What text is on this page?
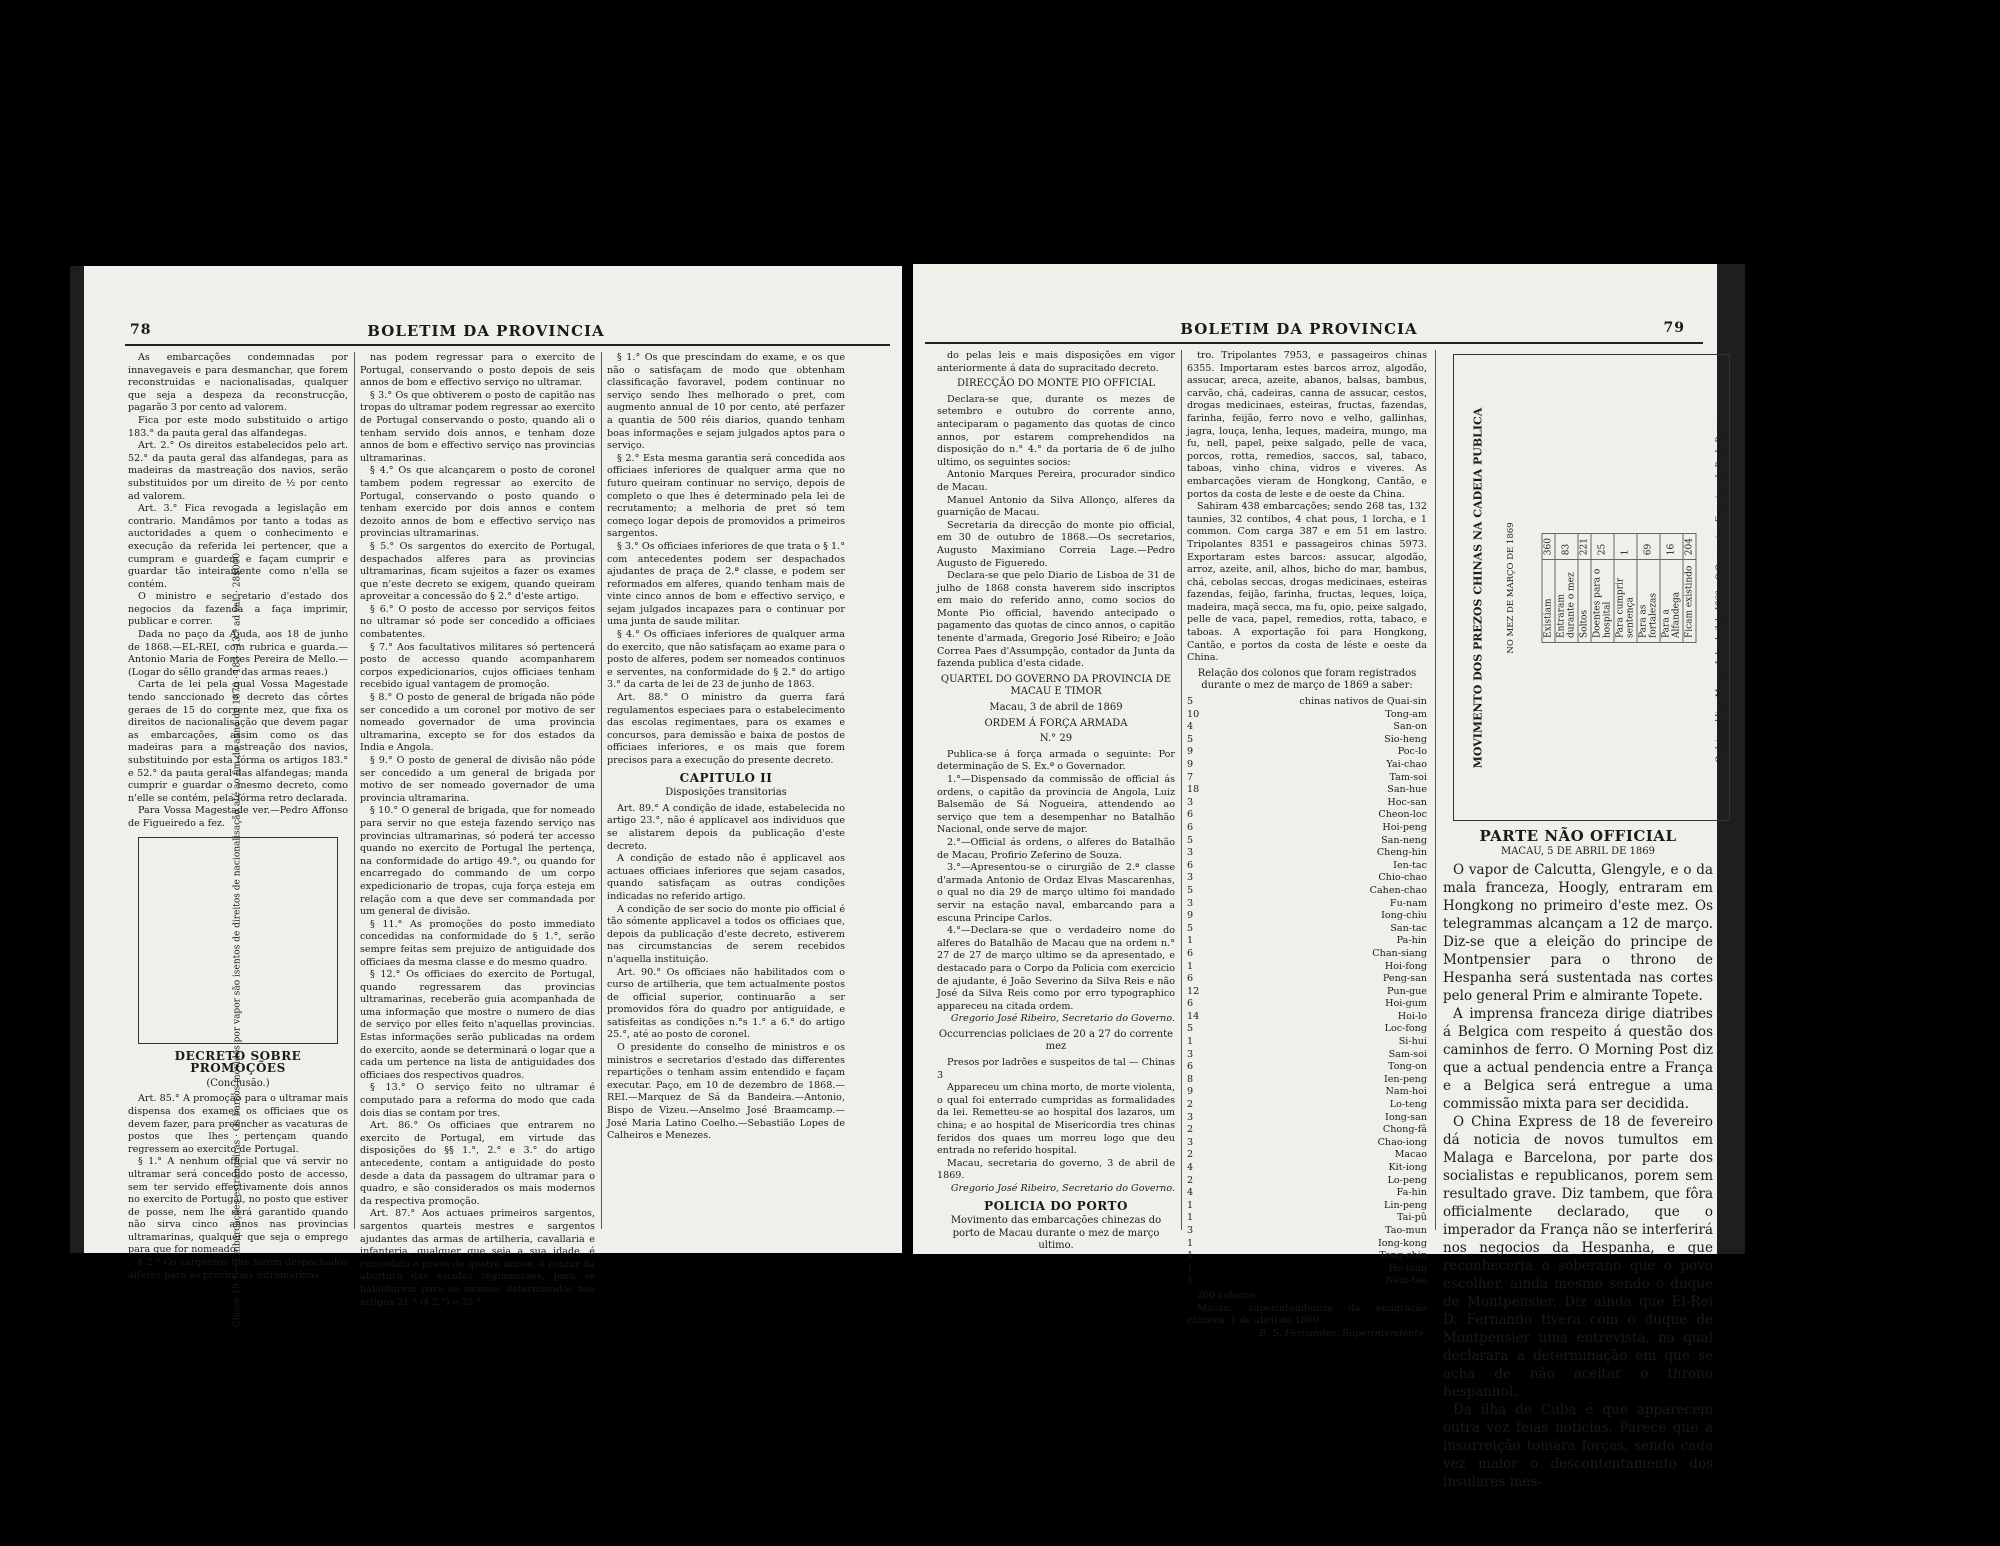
78	BOLETIM DA PROVINCIA

As embarcações condemnadas por innavegaveis e para desmanchar, que forem reconstruidas e nacionalisadas, qualquer que seja a despeza da reconstrucção, pagarão 3 por cento ad valorem.

Fica por este modo substituido o artigo 183.° da pauta geral das alfandegas.

Art. 2.° Os direitos estabelecidos pelo art. 52.° da pauta geral das alfandegas, para as madeiras da mastreação dos navios, serão substituidos por um direito de ½ por cento ad valorem.

Art. 3.° Fica revogada a legislação em contrario. Mandâmos por tanto a todas as auctoridades a quem o conhecimento e execução da referida lei pertencer, que a cumpram e guardem e façam cumprir e guardar tão inteiramente como n'ella se contém.

O ministro e secretario d'estado dos negocios da fazenda a faça imprimir, publicar e correr.

Dada no paço da Ajuda, aos 18 de junho de 1868.—EL-REI, com rubrica e guarda.—Antonio Maria de Fontes Pereira de Mello.—(Logar do sêllo grande das armas reaes.)

Carta de lei pela qual Vossa Magestade tendo sanccionado o decreto das côrtes geraes de 15 do corrente mez, que fixa os direitos de nacionalisação que devem pagar as embarcações, assim como os das madeiras para a mastreação dos navios, substituindo por esta fórma os artigos 183.° e 52.° da pauta geral das alfandegas; manda cumprir e guardar o mesmo decreto, como n'elle se contém, pela fórma retro declarada.

Para Vossa Magestade ver.—Pedro Affonso de Figueiredo a fez. Classe 19.ª — Embarcações estrangeiras · Os barcos movidos por vapor são isentos de direitos de nacionalisação até ao fim do anno de 1870 · 183 · 13.ª ad val. · 28$000
DECRETO SOBRE PROMOÇÕES
(Conclusão.)

Art. 85.° A promoção para o ultramar mais dispensa dos exames os officiaes que os devem fazer, para preencher as vacaturas de postos que lhes pertençam quando regressem ao exercito de Portugal.

§ 1.° A nenhum official que vá servir no ultramar será concedido posto de accesso, sem ter servido effectivamente dois annos no exercito de Portugal, no posto que estiver de posse, nem lhe será garantido quando não sirva cinco annos nas provincias ultramarinas, qualquer que seja o emprego para que for nomeado.

§ 2.° Os sargentos que forem despachados alferes para as provincias ultramarinas

nas podem regressar para o exercito de Portugal, conservando o posto depois de seis annos de bom e effectivo serviço no ultramar.

§ 3.° Os que obtiverem o posto de capitão nas tropas do ultramar podem regressar ao exercito de Portugal conservando o posto, quando ali o tenham servido dois annos, e tenham doze annos de bom e effectivo serviço nas provincias ultramarinas.

§ 4.° Os que alcançarem o posto de coronel tambem podem regressar ao exercito de Portugal, conservando o posto quando o tenham exercido por dois annos e contem dezoito annos de bom e effectivo serviço nas provincias ultramarinas.

§ 5.° Os sargentos do exercito de Portugal, despachados alferes para as provincias ultramarinas, ficam sujeitos a fazer os exames que n'este decreto se exigem, quando queiram aproveitar a concessão do § 2.° d'este artigo.

§ 6.° O posto de accesso por serviços feitos no ultramar só pode ser concedido a officiaes combatentes.

§ 7.° Aos facultativos militares só pertencerá posto de accesso quando acompanharem corpos expedicionarios, cujos officiaes tenham recebido igual vantagem de promoção.

§ 8.° O posto de general de brigada não póde ser concedido a um coronel por motivo de ser nomeado governador de uma provincia ultramarina, excepto se for dos estados da India e Angola.

§ 9.° O posto de general de divisão não póde ser concedido a um general de brigada por motivo de ser nomeado governador de uma provincia ultramarina.

§ 10.° O general de brigada, que for nomeado para servir no que esteja fazendo serviço nas provincias ultramarinas, só poderá ter accesso quando no exercito de Portugal lhe pertença, na conformidade do artigo 49.°, ou quando for encarregado do commando de um corpo expedicionario de tropas, cuja força esteja em relação com a que deve ser commandada por um general de divisão.

§ 11.° As promoções do posto immediato concedidas na conformidade do § 1.°, serão sempre feitas sem prejuizo de antiguidade dos officiaes da mesma classe e do mesmo quadro.

§ 12.° Os officiaes do exercito de Portugal, quando regressarem das provincias ultramarinas, receberão guia acompanhada de uma informação que mostre o numero de dias de serviço por elles feito n'aquellas provincias. Estas informações serão publicadas na ordem do exercito, aonde se determinará o logar que a cada um pertence na lista de antiguidades dos officiaes dos respectivos quadros.

§ 13.° O serviço feito no ultramar é computado para a reforma do modo que cada dois dias se contam por tres.

Art. 86.° Os officiaes que entrarem no exercito de Portugal, em virtude das disposições do §§ 1.°, 2.° e 3.° do artigo antecedente, contam a antiguidade do posto desde a data da passagem do ultramar para o quadro, e são considerados os mais modernos da respectiva promoção.

Art. 87.° Aos actuaes primeiros sargentos, sargentos quarteis mestres e sargentos ajudantes das armas de artilheria, cavallaria e infanteria, qualquer que seja a sua idade, é concedido o praso de quatro annos, a contar da abertura das escolas regimentaes, para se habilitarem para os exames determinados nos artigos 21.° (§ 2.°) e 35.°

§ 1.° Os que prescindam do exame, e os que não o satisfaçam de modo que obtenham classificação favoravel, podem continuar no serviço sendo lhes melhorado o pret, com augmento annual de 10 por cento, até perfazer a quantia de 500 réis diarios, quando tenham boas informações e sejam julgados aptos para o serviço.

§ 2.° Esta mesma garantia será concedida aos officiaes inferiores de qualquer arma que no futuro queiram continuar no serviço, depois de completo o que lhes é determinado pela lei de recrutamento; a melhoria de pret só tem começo logar depois de promovidos a primeiros sargentos.

§ 3.° Os officiaes inferiores de que trata o § 1.° com antecedentes podem ser despachados ajudantes de praça de 2.ª classe, e podem ser reformados em alferes, quando tenham mais de vinte cinco annos de bom e effectivo serviço, e sejam julgados incapazes para o continuar por uma junta de saude militar.

§ 4.° Os officiaes inferiores de qualquer arma do exercito, que não satisfaçam ao exame para o posto de alferes, podem ser nomeados continuos e serventes, na conformidade do § 2.° do artigo 3.° da carta de lei de 23 de junho de 1863.

Art. 88.° O ministro da guerra fará regulamentos especiaes para o estabelecimento das escolas regimentaes, para os exames e concursos, para demissão e baixa de postos de officiaes inferiores, e os mais que forem precisos para a execução do presente decreto.

CAPITULO II
Disposições transitorias

Art. 89.° A condição de idade, estabelecida no artigo 23.°, não é applicavel aos individuos que se alistarem depois da publicação d'este decreto.

A condição de estado não é applicavel aos actuaes officiaes inferiores que sejam casados, quando satisfaçam as outras condições indicadas no referido artigo.

A condição de ser socio do monte pio official é tão sómente applicavel a todos os officiaes que, depois da publicação d'este decreto, estiverem nas circumstancias de serem recebidos n'aquella instituição.

Art. 90.° Os officiaes não habilitados com o curso de artilheria, que tem actualmente postos de official superior, continuarão a ser promovidos fóra do quadro por antiguidade, e satisfeitas as condições n.°s 1.° a 6.° do artigo 25.°, até ao posto de coronel.

O presidente do conselho de ministros e os ministros e secretarios d'estado das differentes repartições o tenham assim entendido e façam executar. Paço, em 10 de dezembro de 1868.—REI.—Marquez de Sá da Bandeira.—Antonio, Bispo de Vizeu.—Anselmo José Braamcamp.—José Maria Latino Coelho.—Sebastião Lopes de Calheiros e Menezes.

BOLETIM DA PROVINCIA	79

do pelas leis e mais disposições em vigor anteriormente á data do supracitado decreto.

DIRECÇÃO DO MONTE PIO OFFICIAL

Declara-se que, durante os mezes de setembro e outubro do corrente anno, anteciparam o pagamento das quotas de cinco annos, por estarem comprehendidos na disposição do n.° 4.° da portaria de 6 de julho ultimo, os seguintes socios:

Antonio Marques Pereira, procurador sindico de Macau.

Manuel Antonio da Silva Allonço, alferes da guarnição de Macau.

Secretaria da direcção do monte pio official, em 30 de outubro de 1868.—Os secretarios, Augusto Maximiano Correia Lage.—Pedro Augusto de Figueredo.

Declara-se que pelo Diario de Lisboa de 31 de julho de 1868 consta haverem sido inscriptos em maio do referido anno, como socios do Monte Pio official, havendo antecipado o pagamento das quotas de cinco annos, o capitão tenente d'armada, Gregorio José Ribeiro; e João Correa Paes d'Assumpção, contador da Junta da fazenda publica d'esta cidade.

QUARTEL DO GOVERNO DA PROVINCIA DE MACAU E TIMOR
Macau, 3 de abril de 1869
ORDEM Á FORÇA ARMADA
N.° 29

Publica-se á força armada o seguinte: Por determinação de S. Ex.ª o Governador.

1.°—Dispensado da commissão de official ás ordens, o capitão da provincia de Angola, Luiz Balsemão de Sá Nogueira, attendendo ao serviço que tem a desempenhar no Batalhão Nacional, onde serve de major.

2.°—Official ás ordens, o alferes do Batalhão de Macau, Profirio Zeferino de Souza.

3.°—Apresentou-se o cirurgião de 2.ª classe d'armada Antonio de Ordaz Elvas Mascarenhas, o qual no dia 29 de março ultimo foi mandado servir na estação naval, embarcando para a escuna Principe Carlos.

4.°—Declara-se que o verdadeiro nome do alferes do Batalhão de Macau que na ordem n.° 27 de 27 de março ultimo se da apresentado, e destacado para o Corpo da Policia com exercicio de ajudante, é João Severino da Silva Reis e não José da Silva Reis como por erro typographico appareceu na citada ordem.

Gregorio José Ribeiro, Secretario do Governo.

Occurrencias policiaes de 20 a 27 do corrente mez

Presos por ladrões e suspeitos de tal — Chinas 3

Appareceu um china morto, de morte violenta, o qual foi enterrado cumpridas as formalidades da lei. Remetteu-se ao hospital dos lazaros, um china; e ao hospital de Misericordia tres chinas feridos dos quaes um morreu logo que deu entrada no referido hospital.

Macau, secretaria do governo, 3 de abril de 1869.

Gregorio José Ribeiro, Secretario do Governo.

POLICIA DO PORTO
Movimento das embarcações chinezas do porto de Macau durante o mez de março ultimo.

tro. Tripolantes 7953, e passageiros chinas 6355. Importaram estes barcos arroz, algodão, assucar, areca, azeite, abanos, balsas, bambus, carvão, chá, cadeiras, canna de assucar, cestos, drogas medicinaes, esteiras, fructas, fazendas, farinha, feijão, ferro novo e velho, gallinhas, jagra, louça, lenha, leques, madeira, mungo, ma fu, nell, papel, peixe salgado, pelle de vaca, porcos, rotta, remedios, saccos, sal, tabaco, taboas, vinho china, vidros e viveres. As embarcações vieram de Hongkong, Cantão, e portos da costa de leste e de oeste da China.

Sahiram 438 embarcações; sendo 268 tas, 132 taunies, 32 contibos, 4 chat pous, 1 lorcha, e 1 common. Com carga 387 e em 51 em lastro. Tripolantes 8351 e passageiros chinas 5973. Exportaram estes barcos: assucar, algodão, arroz, azeite, anil, alhos, bicho do mar, bambus, chá, cebolas seccas, drogas medicinaes, esteiras fazendas, feijão, farinha, fructas, leques, loiça, madeira, maçã secca, ma fu, opio, peixe salgado, pelle de vaca, papel, remedios, rotta, tabaco, e taboas. A exportação foi para Hongkong, Cantão, e portos da costa de léste e oeste da China.

Relação dos colonos que foram registrados durante o mez de março de 1869 a saber:
5	chinas nativos de Quai-sin
10	Tong-am
4	San-on
5	Sio-heng
9	Poc-lo
9	Yai-chao
7	Tam-soi
18	San-hue
3	Hoc-san
6	Cheon-loc
6	Hoi-peng
5	San-neng
3	Cheng-hin
6	Ien-tac
3	Chio-chao
5	Cahen-chao
3	Fu-nam
9	Iong-chiu
5	San-tac
1	Pa-hin
6	Chan-siang
1	Hoi-fong
6	Peng-san
12	Pun-gue
6	Hoi-gum
14	Hoi-lo
5	Loc-fong
1	Si-hui
3	Sam-soi
6	Tong-on
8	Ien-peng
9	Nam-hoi
2	Lo-teng
3	Iong-san
2	Chong-fâ
3	Chao-iong
2	Macao
4	Kit-iong
2	Lo-peng
4	Fa-hin
1	Lin-peng
1	Tai-pû
3	Tao-mun
1	Iong-kong
1	Tong-chin
1	Ho-iong
1	Nam-tao

200 colonos

Macau, superintendencia da emigração chineza, 1 de abril de 1869.

B. S. Fernandes, Superintendente.

MOVIMENTO DOS PREZOS CHINAS NA CADEIA PUBLICA	NO MEZ DE MARÇO DE 1869	Existiam	360
Entraram durante o mez	83
Soltos	221
Doentes para o hospital	25
Para cumprir sentença	1
Para as fortalezas	69
Para a Alfandega	16
Ficam existindo	204	Cadeia publica, Macau, 1 de abril de 1869.—O Carcereiro, Francisco de Paula Barros.
PARTE NÃO OFFICIAL
MACAU, 5 DE ABRIL DE 1869

O vapor de Calcutta, Glengyle, e o da mala franceza, Hoogly, entraram em Hongkong no primeiro d'este mez. Os telegrammas alcançam a 12 de março. Diz-se que a eleição do principe de Montpensier para o throno de Hespanha será sustentada nas cortes pelo general Prim e almirante Topete.

A imprensa franceza dirige diatribes á Belgica com respeito á questão dos caminhos de ferro. O Morning Post diz que a actual pendencia entre a França e a Belgica será entregue a uma commissão mixta para ser decidida.

O China Express de 18 de fevereiro dá noticia de novos tumultos em Malaga e Barcelona, por parte dos socialistas e republicanos, porem sem resultado grave. Diz tambem, que fôra officialmente declarado, que o imperador da França não se interferirá nos negocios da Hespanha, e que reconheceria o soberano que o povo escolher, ainda mesmo sendo o duque de Montpensier. Diz ainda que El-Rei D. Fernando tivera com o duque de Montpensier uma entrevista, na qual declarára a determinação em que se acha de não aceitar o throno hespanhol.

Da ilha de Cuba é que apparecem outra vez feias noticias. Parece que a insurreição tomára forças, sendo cada vez maior o descontentamento dos insulares mes-
